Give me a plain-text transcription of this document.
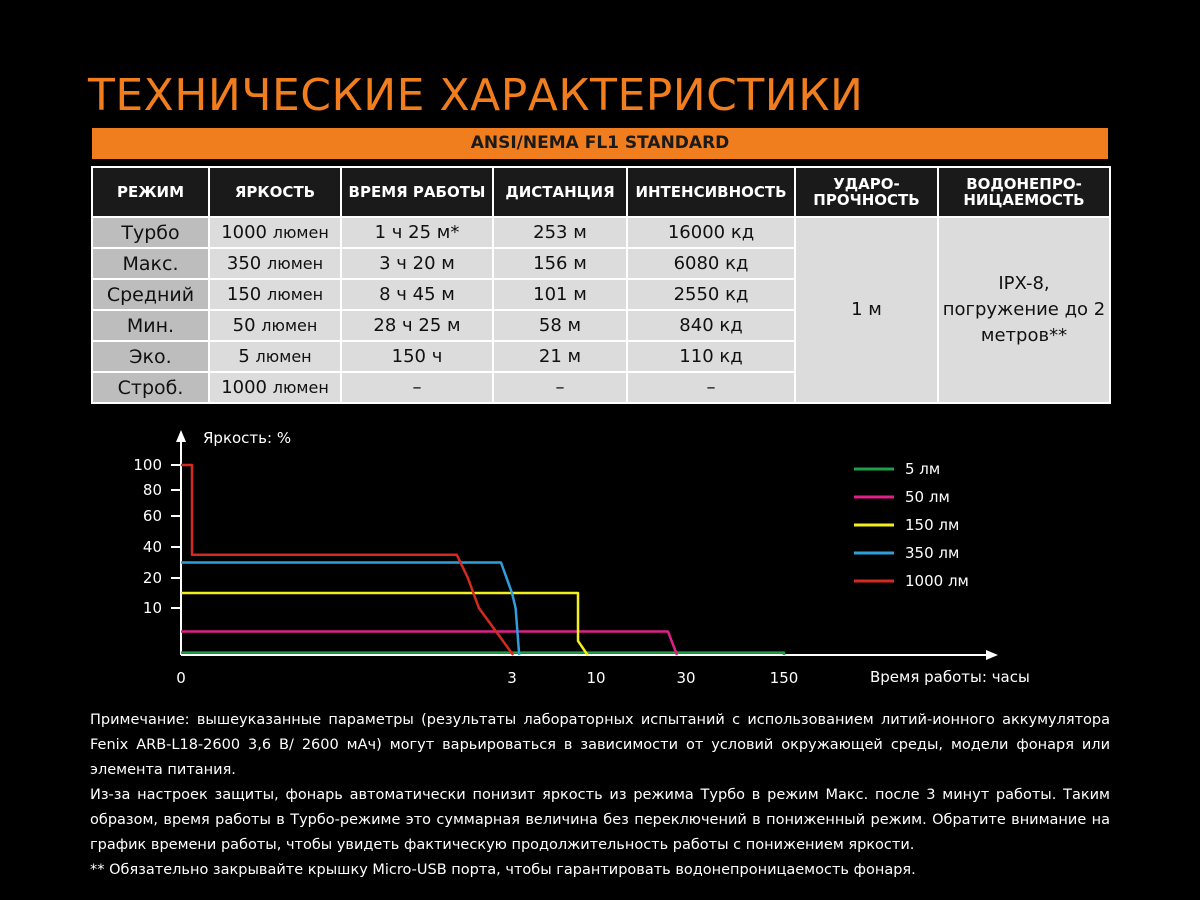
ТЕХНИЧЕСКИЕ ХАРАКТЕРИСТИКИ
ANSI/NEMA FL1 STANDARD
РЕЖИМ	ЯРКОСТЬ	ВРЕМЯ РАБОТЫ	ДИСТАНЦИЯ	ИНТЕНСИВНОСТЬ	УДАРО-ПРОЧНОСТЬ	ВОДОНЕПРО-НИЦАЕМОСТЬ
Турбо	1000 люмен	1 ч 25 м*	253 м	16000 кд	1 м	IPX-8, погружение до 2 метров**
Макс.	350 люмен	3 ч 20 м	156 м	6080 кд		
Средний	150 люмен	8 ч 45 м	101 м	2550 кд		
Мин.	50 люмен	28 ч 25 м	58 м	840 кд		
Эко.	5 люмен	150 ч	21 м	110 кд		
Строб.	1000 люмен	–	–	–		
Яркость: %
Время работы: часы
100
80
60
40
20
10
0	3	10	30	150
5 лм
50 лм
150 лм
350 лм
1000 лм

Примечание: вышеуказанные параметры (результаты лабораторных испытаний с использованием литий-ионного аккумулятора Fenix ARB-L18-2600 3,6 В/ 2600 мАч) могут варьироваться в зависимости от условий окружающей среды, модели фонаря или элемента питания.

Из-за настроек защиты, фонарь автоматически понизит яркость из режима Турбо в режим Макс. после 3 минут работы. Таким образом, время работы в Турбо-режиме это суммарная величина без переключений в пониженный режим. Обратите внимание на график времени работы, чтобы увидеть фактическую продолжительность работы с понижением яркости.

** Обязательно закрывайте крышку Micro-USB порта, чтобы гарантировать водонепроницаемость фонаря.
